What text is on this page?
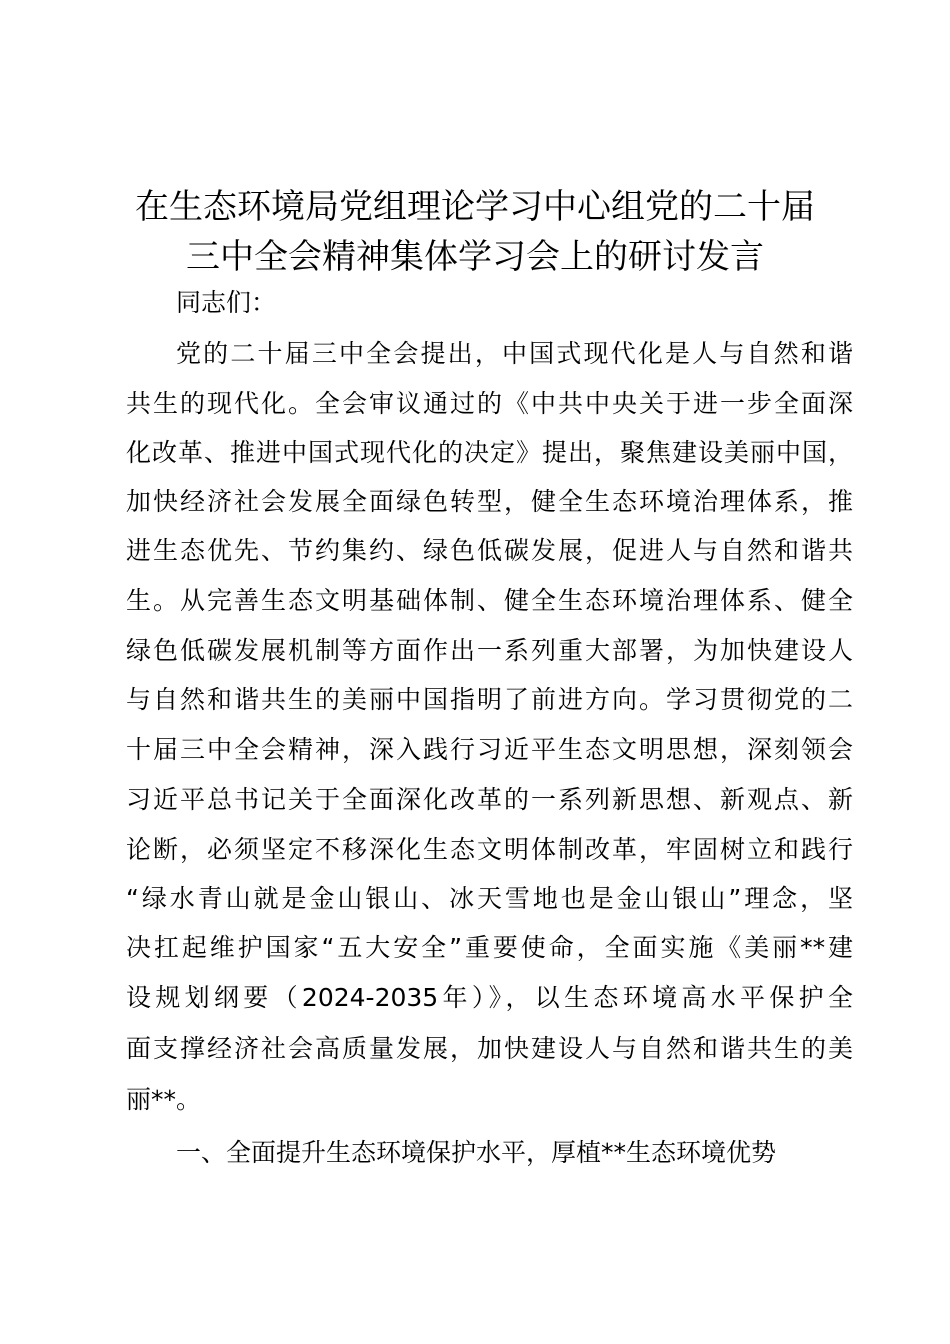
在生态环境局党组理论学习中心组党的二十届
三中全会精神集体学习会上的研讨发言

同志们：

党的二十届三中全会提出，中国式现代化是人与自然和谐

共生的现代化。全会审议通过的《中共中央关于进一步全面深

化改革、推进中国式现代化的决定》提出，聚焦建设美丽中国，

加快经济社会发展全面绿色转型，健全生态环境治理体系，推

进生态优先、节约集约、绿色低碳发展，促进人与自然和谐共

生。从完善生态文明基础体制、健全生态环境治理体系、健全

绿色低碳发展机制等方面作出一系列重大部署，为加快建设人

与自然和谐共生的美丽中国指明了前进方向。学习贯彻党的二

十届三中全会精神，深入践行习近平生态文明思想，深刻领会

习近平总书记关于全面深化改革的一系列新思想、新观点、新

论断，必须坚定不移深化生态文明体制改革，牢固树立和践行

“绿水青山就是金山银山、冰天雪地也是金山银山”理念，坚

决扛起维护国家“五大安全”重要使命，全面实施《美丽**建

设规划纲要（2024-2035年）》，以生态环境高水平保护全

面支撑经济社会高质量发展，加快建设人与自然和谐共生的美

丽**。

一、全面提升生态环境保护水平，厚植**生态环境优势
